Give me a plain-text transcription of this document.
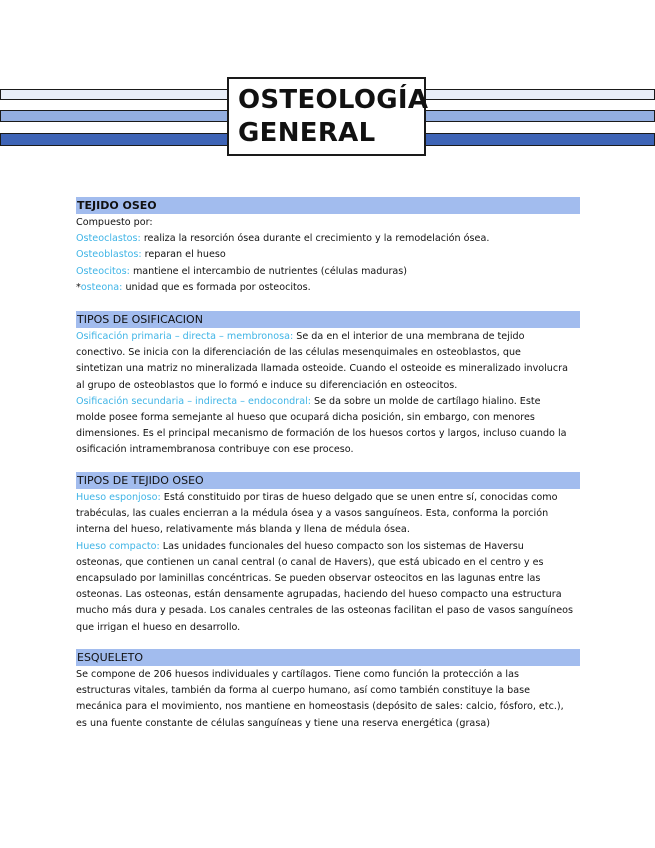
OSTEOLOGÍA
GENERAL
TEJIDO OSEO
Compuesto por:
Osteoclastos: realiza la resorción ósea durante el crecimiento y la remodelación ósea.
Osteoblastos: reparan el hueso
Osteocitos: mantiene el intercambio de nutrientes (células maduras)
*osteona: unidad que es formada por osteocitos.
TIPOS DE OSIFICACION
Osificación primaria – directa – membronosa: Se da en el interior de una membrana de tejido
conectivo. Se inicia con la diferenciación de las células mesenquimales en osteoblastos, que
sintetizan una matriz no mineralizada llamada osteoide. Cuando el osteoide es mineralizado involucra
al grupo de osteoblastos que lo formó e induce su diferenciación en osteocitos.
Osificación secundaria – indirecta – endocondral: Se da sobre un molde de cartílago hialino. Este
molde posee forma semejante al hueso que ocupará dicha posición, sin embargo, con menores
dimensiones. Es el principal mecanismo de formación de los huesos cortos y largos, incluso cuando la
osificación intramembranosa contribuye con ese proceso.
TIPOS DE TEJIDO OSEO
Hueso esponjoso: Está constituido por tiras de hueso delgado que se unen entre sí, conocidas como
trabéculas, las cuales encierran a la médula ósea y a vasos sanguíneos. Esta, conforma la porción
interna del hueso, relativamente más blanda y llena de médula ósea.
Hueso compacto: Las unidades funcionales del hueso compacto son los sistemas de Haversu
osteonas, que contienen un canal central (o canal de Havers), que está ubicado en el centro y es
encapsulado por laminillas concéntricas. Se pueden observar osteocitos en las lagunas entre las
osteonas. Las osteonas, están densamente agrupadas, haciendo del hueso compacto una estructura
mucho más dura y pesada. Los canales centrales de las osteonas facilitan el paso de vasos sanguíneos
que irrigan el hueso en desarrollo.
ESQUELETO
Se compone de 206 huesos individuales y cartílagos. Tiene como función la protección a las
estructuras vitales, también da forma al cuerpo humano, así como también constituye la base
mecánica para el movimiento, nos mantiene en homeostasis (depósito de sales: calcio, fósforo, etc.),
es una fuente constante de células sanguíneas y tiene una reserva energética (grasa)
